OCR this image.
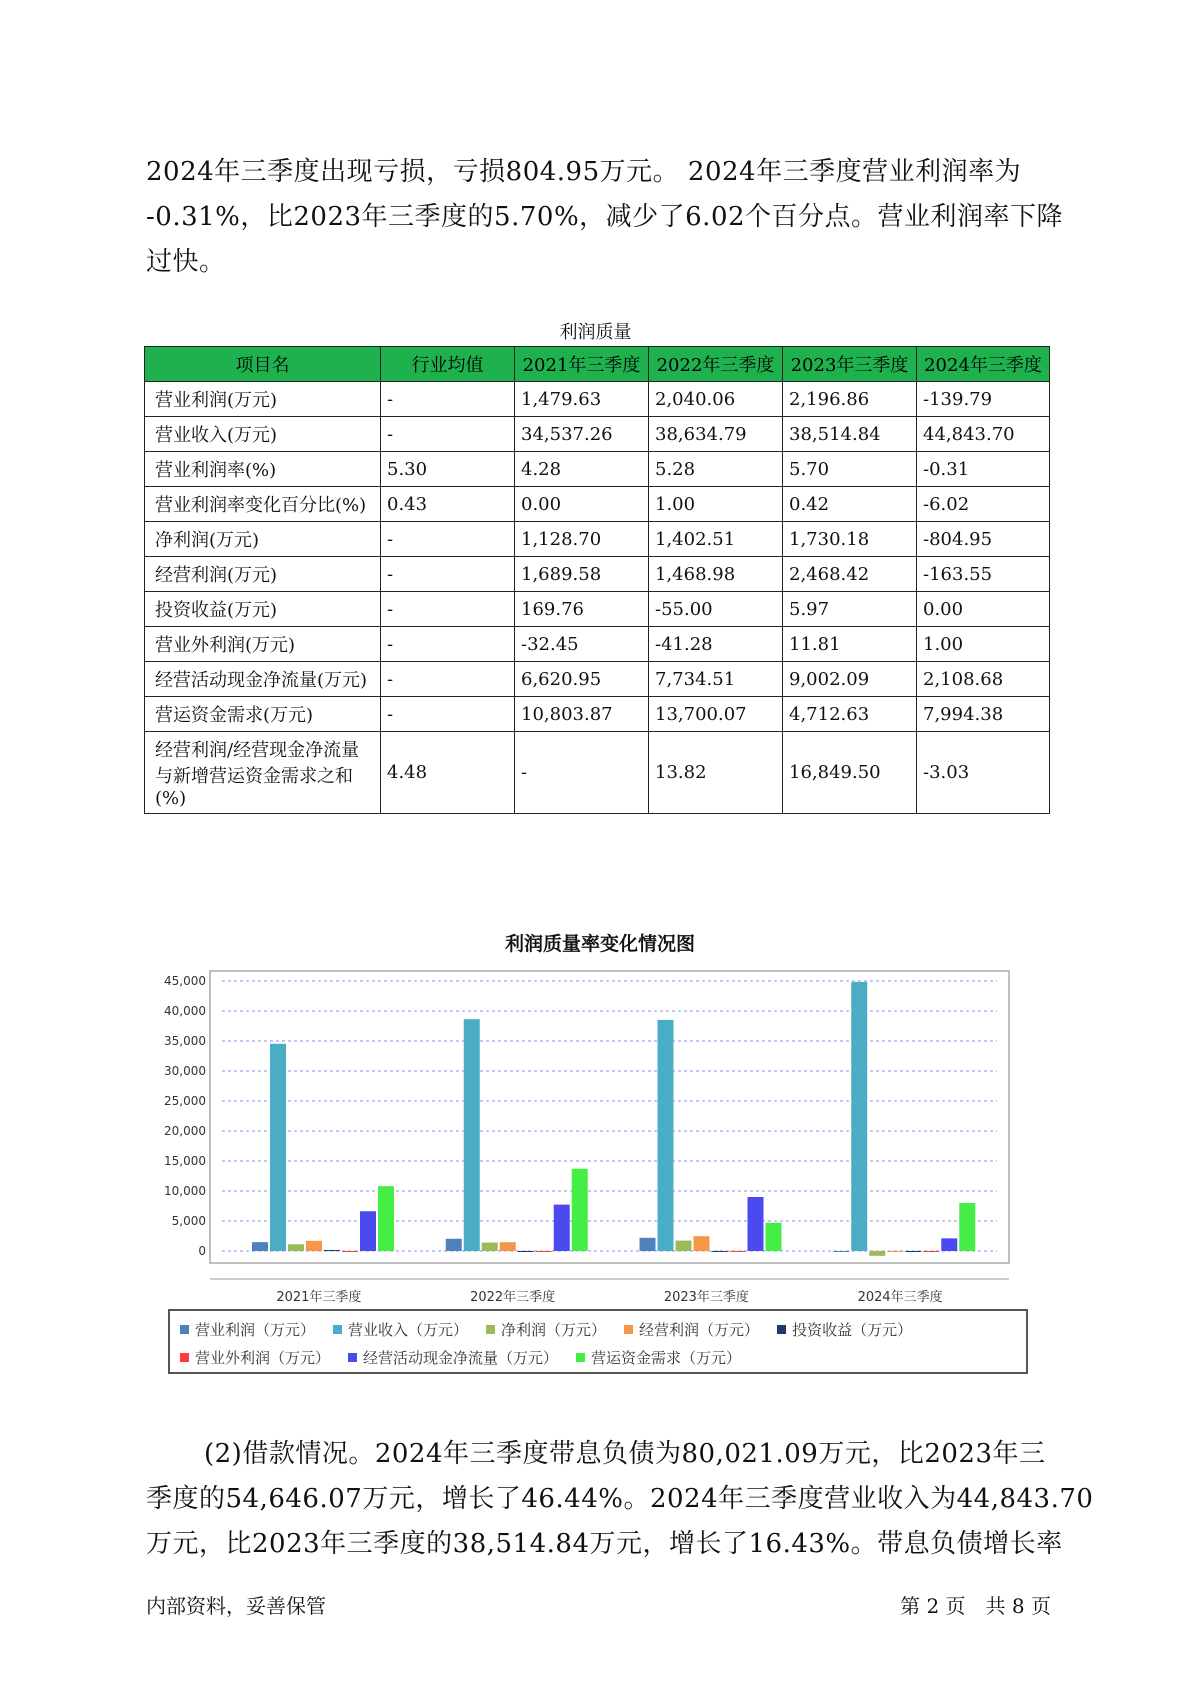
2024年三季度出现亏损，亏损804.95万元。 2024年三季度营业利润率为
-0.31%，比2023年三季度的5.70%，减少了6.02个百分点。营业利润率下降
过快。

利润质量
项目名	行业均值	2021年三季度	2022年三季度	2023年三季度	2024年三季度
营业利润(万元)	-	1,479.63	2,040.06	2,196.86	-139.79
营业收入(万元)	-	34,537.26	38,634.79	38,514.84	44,843.70
营业利润率(%)	5.30	4.28	5.28	5.70	-0.31
营业利润率变化百分比(%)	0.43	0.00	1.00	0.42	-6.02
净利润(万元)	-	1,128.70	1,402.51	1,730.18	-804.95
经营利润(万元)	-	1,689.58	1,468.98	2,468.42	-163.55
投资收益(万元)	-	169.76	-55.00	5.97	0.00
营业外利润(万元)	-	-32.45	-41.28	11.81	1.00
经营活动现金净流量(万元)	-	6,620.95	7,734.51	9,002.09	2,108.68
营运资金需求(万元)	-	10,803.87	13,700.07	4,712.63	7,994.38
经营利润/经营现金净流量与新增营运资金需求之和(%)	4.48	-	13.82	16,849.50	-3.03
利润质量率变化情况图
45,000
40,000
35,000
30,000
25,000
20,000
15,000
10,000
5,000
0
2021年三季度	2022年三季度	2023年三季度	2024年三季度
营业利润（万元） 营业收入（万元） 净利润（万元） 经营利润（万元） 投资收益（万元）
营业外利润（万元） 经营活动现金净流量（万元） 营运资金需求（万元）

(2)借款情况。2024年三季度带息负债为80,021.09万元，比2023年三
季度的54,646.07万元，增长了46.44%。2024年三季度营业收入为44,843.70
万元，比2023年三季度的38,514.84万元，增长了16.43%。带息负债增长率

内部资料，妥善保管	第 2 页　共 8 页
